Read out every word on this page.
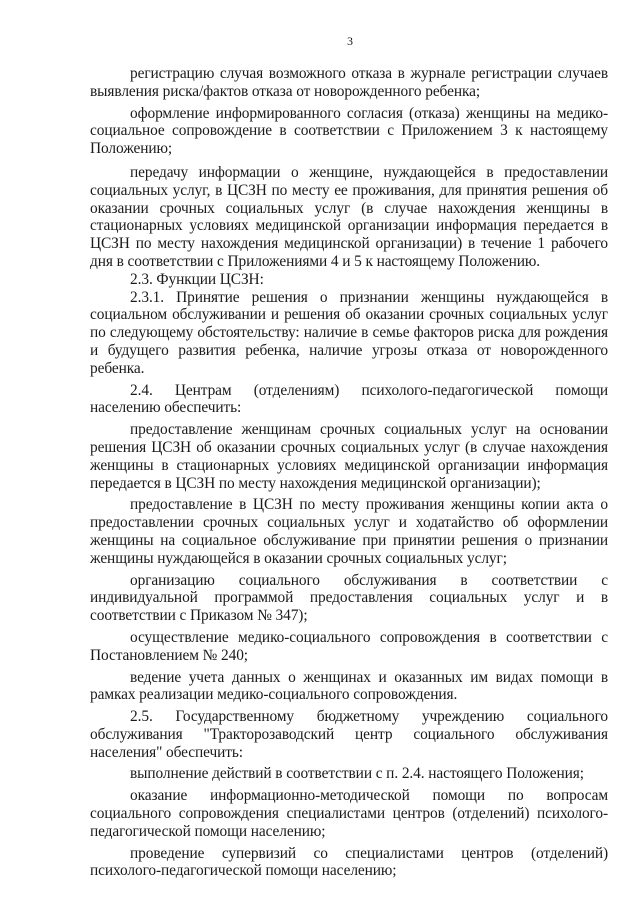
3

регистрацию случая возможного отказа в журнале регистрации случаев выявления риска/фактов отказа от новорожденного ребенка;

оформление информированного согласия (отказа) женщины на медико-социальное сопровождение в соответствии с Приложением 3 к настоящему Положению;

передачу информации о женщине, нуждающейся в предоставлении социальных услуг, в ЦСЗН по месту ее проживания, для принятия решения об оказании срочных социальных услуг (в случае нахождения женщины в стационарных условиях медицинской организации информация передается в ЦСЗН по месту нахождения медицинской организации) в течение 1 рабочего дня в соответствии с Приложениями 4 и 5 к настоящему Положению.

2.3. Функции ЦСЗН:

2.3.1. Принятие решения о признании женщины нуждающейся в социальном обслуживании и решения об оказании срочных социальных услуг по следующему обстоятельству: наличие в семье факторов риска для рождения и будущего развития ребенка, наличие угрозы отказа от новорожденного ребенка.

2.4. Центрам (отделениям) психолого-педагогической помощи населению обеспечить:

предоставление женщинам срочных социальных услуг на основании решения ЦСЗН об оказании срочных социальных услуг (в случае нахождения женщины в стационарных условиях медицинской организации информация передается в ЦСЗН по месту нахождения медицинской организации);

предоставление в ЦСЗН по месту проживания женщины копии акта о предоставлении срочных социальных услуг и ходатайство об оформлении женщины на социальное обслуживание при принятии решения о признании женщины нуждающейся в оказании срочных социальных услуг;

организацию социального обслуживания в соответствии с индивидуальной программой предоставления социальных услуг и в соответствии с Приказом № 347);

осуществление медико-социального сопровождения в соответствии с Постановлением № 240;

ведение учета данных о женщинах и оказанных им видах помощи в рамках реализации медико-социального сопровождения.

2.5. Государственному бюджетному учреждению социального обслуживания "Тракторозаводский центр социального обслуживания населения" обеспечить:

выполнение действий в соответствии с п. 2.4. настоящего Положения;

оказание информационно-методической помощи по вопросам социального сопровождения специалистами центров (отделений) психолого-педагогической помощи населению;

проведение супервизий со специалистами центров (отделений) психолого-педагогической помощи населению;
